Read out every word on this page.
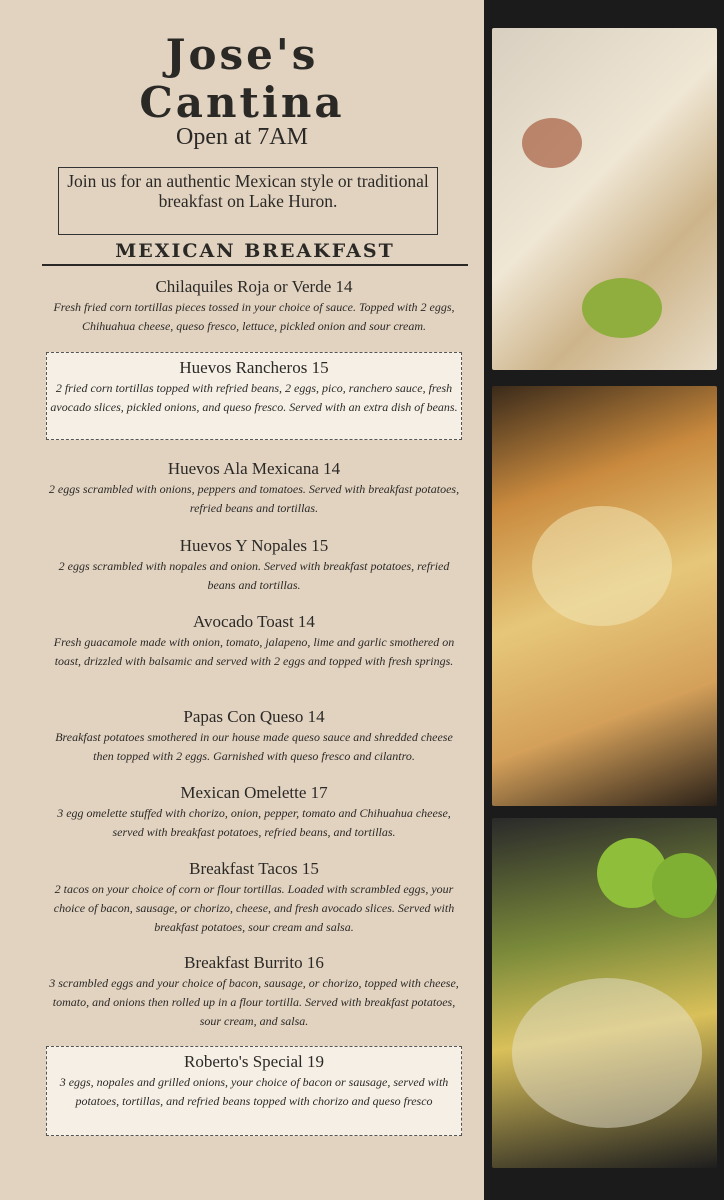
Jose's
Cantina
Open at 7AM
Join us for an authentic Mexican style or traditional breakfast on Lake Huron.
MEXICAN BREAKFAST
Chilaquiles Roja or Verde 14
Fresh fried corn tortillas pieces tossed in your choice of sauce. Topped with 2 eggs, Chihuahua cheese, queso fresco, lettuce, pickled onion and sour cream.
Huevos Rancheros 15
2 fried corn tortillas topped with refried beans, 2 eggs, pico, ranchero sauce, fresh avocado slices, pickled onions, and queso fresco. Served with an extra dish of beans.
Huevos Ala Mexicana 14
2 eggs scrambled with onions, peppers and tomatoes. Served with breakfast potatoes, refried beans and tortillas.
Huevos Y Nopales 15
2 eggs scrambled with nopales and onion. Served with breakfast potatoes, refried beans and tortillas.
Avocado Toast 14
Fresh guacamole made with onion, tomato, jalapeno, lime and garlic smothered on toast, drizzled with balsamic and served with 2 eggs and topped with fresh springs.
Papas Con Queso 14
Breakfast potatoes smothered in our house made queso sauce and shredded cheese then topped with 2 eggs. Garnished with queso fresco and cilantro.
Mexican Omelette 17
3 egg omelette stuffed with chorizo, onion, pepper, tomato and Chihuahua cheese, served with breakfast potatoes, refried beans, and tortillas.
Breakfast Tacos 15
2 tacos on your choice of corn or flour tortillas. Loaded with scrambled eggs, your choice of bacon, sausage, or chorizo, cheese, and fresh avocado slices. Served with breakfast potatoes, sour cream and salsa.
Breakfast Burrito 16
3 scrambled eggs and your choice of bacon, sausage, or chorizo, topped with cheese, tomato, and onions then rolled up in a flour tortilla. Served with breakfast potatoes, sour cream, and salsa.
Roberto's Special 19
3 eggs, nopales and grilled onions, your choice of bacon or sausage, served with potatoes, tortillas, and refried beans topped with chorizo and queso fresco
